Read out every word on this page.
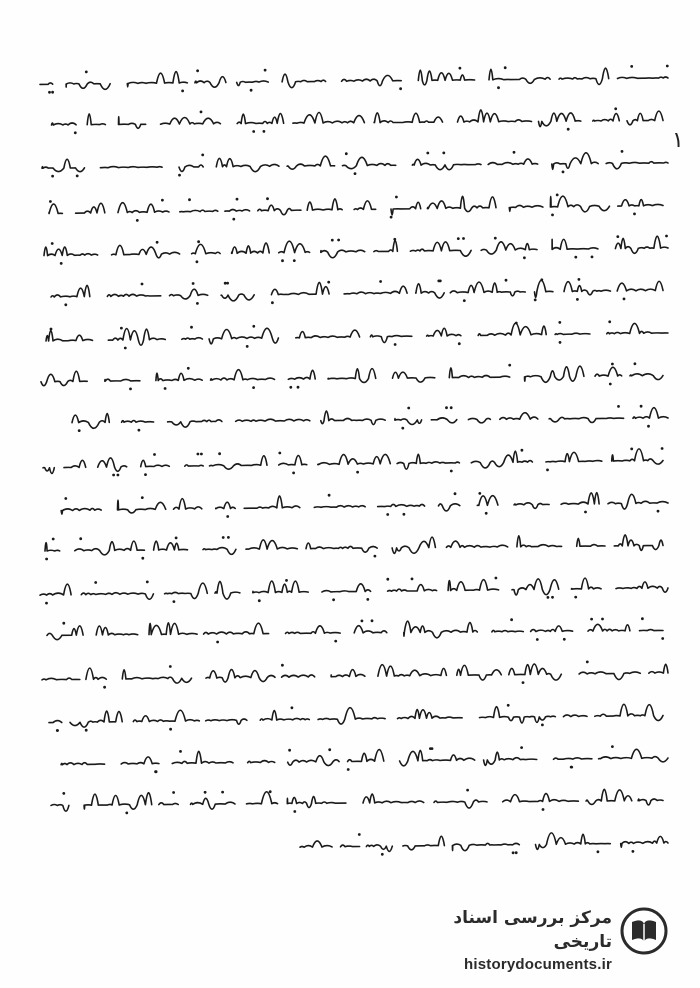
۱
مرکز بررسی اسناد تاریخی
historydocuments.ir
